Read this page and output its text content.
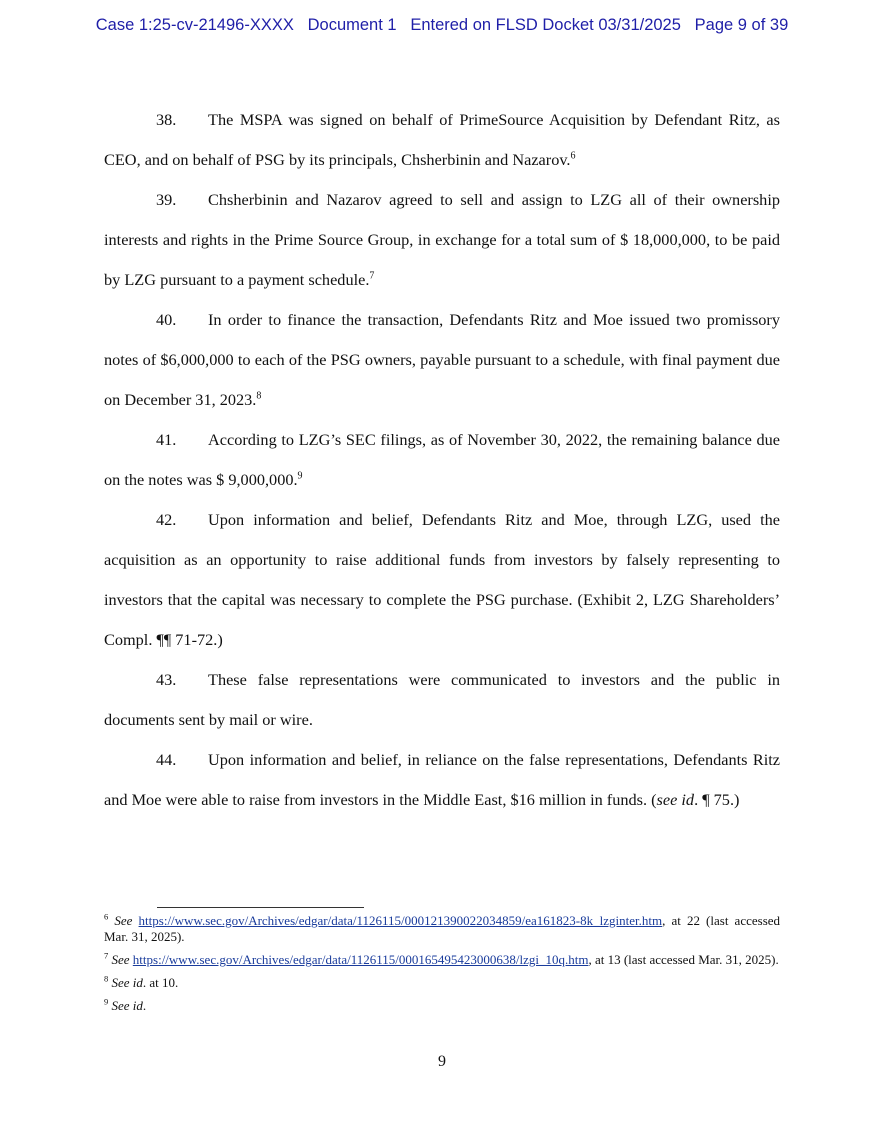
Case 1:25-cv-21496-XXXX   Document 1   Entered on FLSD Docket 03/31/2025   Page 9 of 39

38. The MSPA was signed on behalf of PrimeSource Acquisition by Defendant Ritz, as CEO, and on behalf of PSG by its principals, Chsherbinin and Nazarov.$^6$

39. Chsherbinin and Nazarov agreed to sell and assign to LZG all of their ownership interests and rights in the Prime Source Group, in exchange for a total sum of $ 18,000,000, to be paid by LZG pursuant to a payment schedule.$^7$

40. In order to finance the transaction, Defendants Ritz and Moe issued two promissory notes of $6,000,000 to each of the PSG owners, payable pursuant to a schedule, with final payment due on December 31, 2023.$^8$

41. According to LZG’s SEC filings, as of November 30, 2022, the remaining balance due on the notes was $ 9,000,000.$^9$

42. Upon information and belief, Defendants Ritz and Moe, through LZG, used the acquisition as an opportunity to raise additional funds from investors by falsely representing to investors that the capital was necessary to complete the PSG purchase. (Exhibit 2, LZG Shareholders’ Compl. ¶¶ 71-72.)

43. These false representations were communicated to investors and the public in documents sent by mail or wire.

44. Upon information and belief, in reliance on the false representations, Defendants Ritz and Moe were able to raise from investors in the Middle East, $16 million in funds. (see id. ¶ 75.)

$^6$ See https://www.sec.gov/Archives/edgar/data/1126115/000121390022034859/ea161823-8k_lzginter.htm, at 22 (last accessed Mar. 31, 2025).

$^7$ See https://www.sec.gov/Archives/edgar/data/1126115/000165495423000638/lzgi_10q.htm, at 13 (last accessed Mar. 31, 2025).

$^8$ See id. at 10.

$^9$ See id.

9
